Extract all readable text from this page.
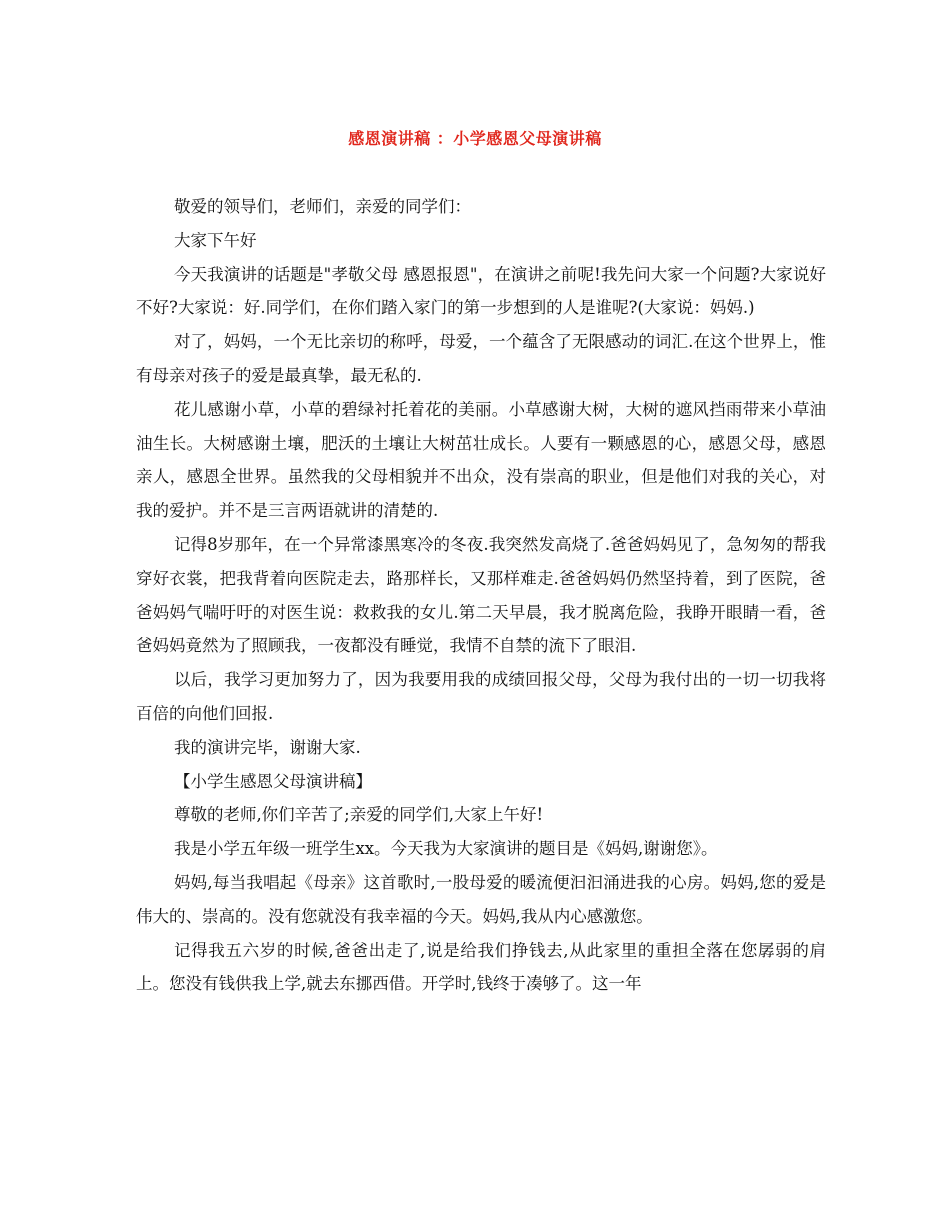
感恩演讲稿 ：小学感恩父母演讲稿

敬爱的领导们，老师们，亲爱的同学们：

大家下午好

今天我演讲的话题是"孝敬父母 感恩报恩"，在演讲之前呢!我先问大家一个问题?大家说好不好?大家说：好.同学们，在你们踏入家门的第一步想到的人是谁呢?(大家说：妈妈.)

对了，妈妈，一个无比亲切的称呼，母爱，一个蕴含了无限感动的词汇.在这个世界上，惟有母亲对孩子的爱是最真挚，最无私的.

花儿感谢小草，小草的碧绿衬托着花的美丽。小草感谢大树，大树的遮风挡雨带来小草油油生长。大树感谢土壤，肥沃的土壤让大树茁壮成长。人要有一颗感恩的心，感恩父母，感恩亲人，感恩全世界。虽然我的父母相貌并不出众，没有崇高的职业，但是他们对我的关心，对我的爱护。并不是三言两语就讲的清楚的.

记得8岁那年，在一个异常漆黑寒冷的冬夜.我突然发高烧了.爸爸妈妈见了，急匆匆的帮我穿好衣裳，把我背着向医院走去，路那样长，又那样难走.爸爸妈妈仍然坚持着，到了医院，爸爸妈妈气喘吁吁的对医生说：救救我的女儿.第二天早晨，我才脱离危险，我睁开眼睛一看，爸爸妈妈竟然为了照顾我，一夜都没有睡觉，我情不自禁的流下了眼泪.

以后，我学习更加努力了，因为我要用我的成绩回报父母，父母为我付出的一切一切我将百倍的向他们回报.

我的演讲完毕，谢谢大家.

【小学生感恩父母演讲稿】

尊敬的老师,你们辛苦了;亲爱的同学们,大家上午好!

我是小学五年级一班学生xx。今天我为大家演讲的题目是《妈妈,谢谢您》。

妈妈,每当我唱起《母亲》这首歌时,一股母爱的暖流便汩汩涌进我的心房。妈妈,您的爱是伟大的、崇高的。没有您就没有我幸福的今天。妈妈,我从内心感激您。

记得我五六岁的时候,爸爸出走了,说是给我们挣钱去,从此家里的重担全落在您孱弱的肩上。您没有钱供我上学,就去东挪西借。开学时,钱终于凑够了。这一年
